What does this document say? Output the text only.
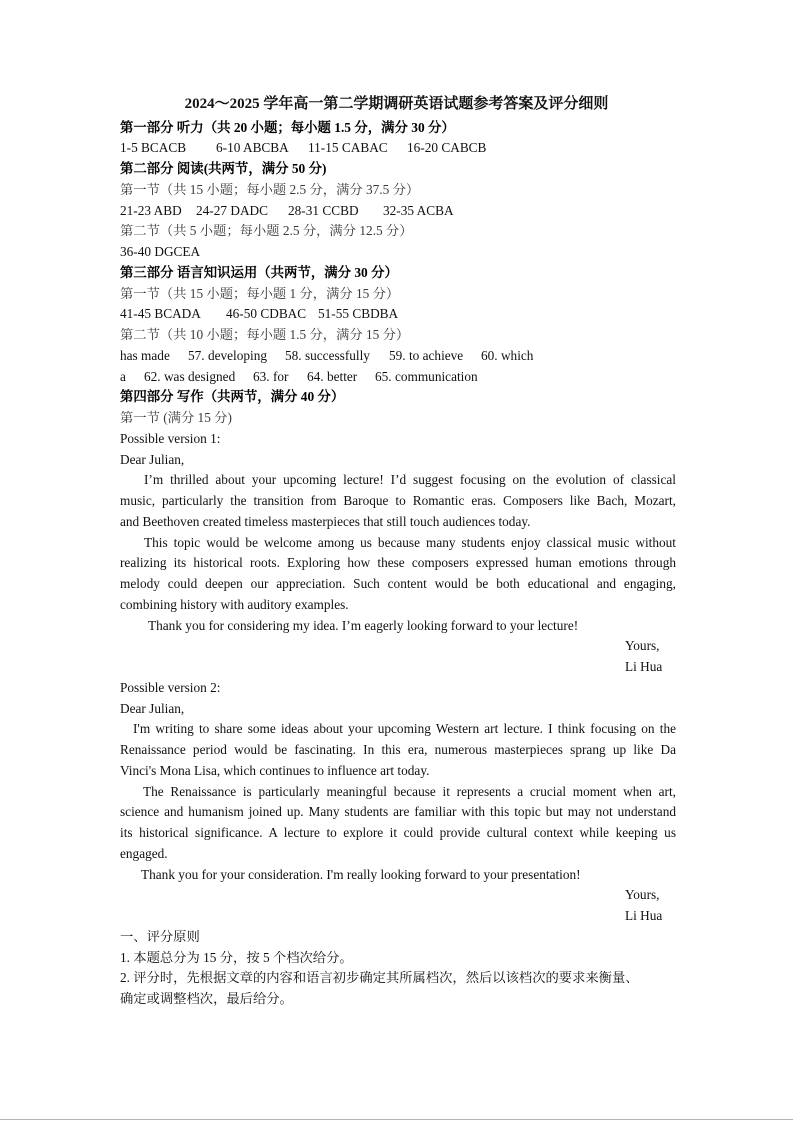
2024～2025 学年高一第二学期调研英语试题参考答案及评分细则
第一部分 听力（共 20 小题；每小题 1.5 分，满分 30 分）
1-5 BCACB 6-10 ABCBA 11-15 CABAC 16-20 CABCB
第二部分 阅读(共两节，满分 50 分)
第一节（共 15 小题；每小题 2.5 分，满分 37.5 分）
21-23 ABD 24-27 DADC 28-31 CCBD 32-35 ACBA
第二节（共 5 小题；每小题 2.5 分，满分 12.5 分）
36-40 DGCEA
第三部分 语言知识运用（共两节，满分 30 分）
第一节（共 15 小题；每小题 1 分，满分 15 分）
41-45 BCADA 46-50 CDBAC 51-55 CBDBA
第二节（共 10 小题；每小题 1.5 分，满分 15 分）
has made 57. developing 58. successfully 59. to achieve 60. which
a 62. was designed 63. for 64. better 65. communication
第四部分 写作（共两节，满分 40 分）
第一节 (满分 15 分)
Possible version 1:
Dear Julian,
I’m thrilled about your upcoming lecture! I’d suggest focusing on the evolution of classical
music, particularly the transition from Baroque to Romantic eras. Composers like Bach, Mozart,
and Beethoven created timeless masterpieces that still touch audiences today.
This topic would be welcome among us because many students enjoy classical music without
realizing its historical roots. Exploring how these composers expressed human emotions through
melody could deepen our appreciation. Such content would be both educational and engaging,
combining history with auditory examples.
Thank you for considering my idea. I’m eagerly looking forward to your lecture!
Yours,
Li Hua
Possible version 2:
Dear Julian,
I'm writing to share some ideas about your upcoming Western art lecture. I think focusing on the
Renaissance period would be fascinating. In this era, numerous masterpieces sprang up like Da
Vinci's Mona Lisa, which continues to influence art today.
The Renaissance is particularly meaningful because it represents a crucial moment when art,
science and humanism joined up. Many students are familiar with this topic but may not understand
its historical significance. A lecture to explore it could provide cultural context while keeping us
engaged.
Thank you for your consideration. I'm really looking forward to your presentation!
Yours,
Li Hua
一、评分原则
1. 本题总分为 15 分，按 5 个档次给分。
2. 评分时，先根据文章的内容和语言初步确定其所属档次，然后以该档次的要求来衡量、
确定或调整档次，最后给分。
